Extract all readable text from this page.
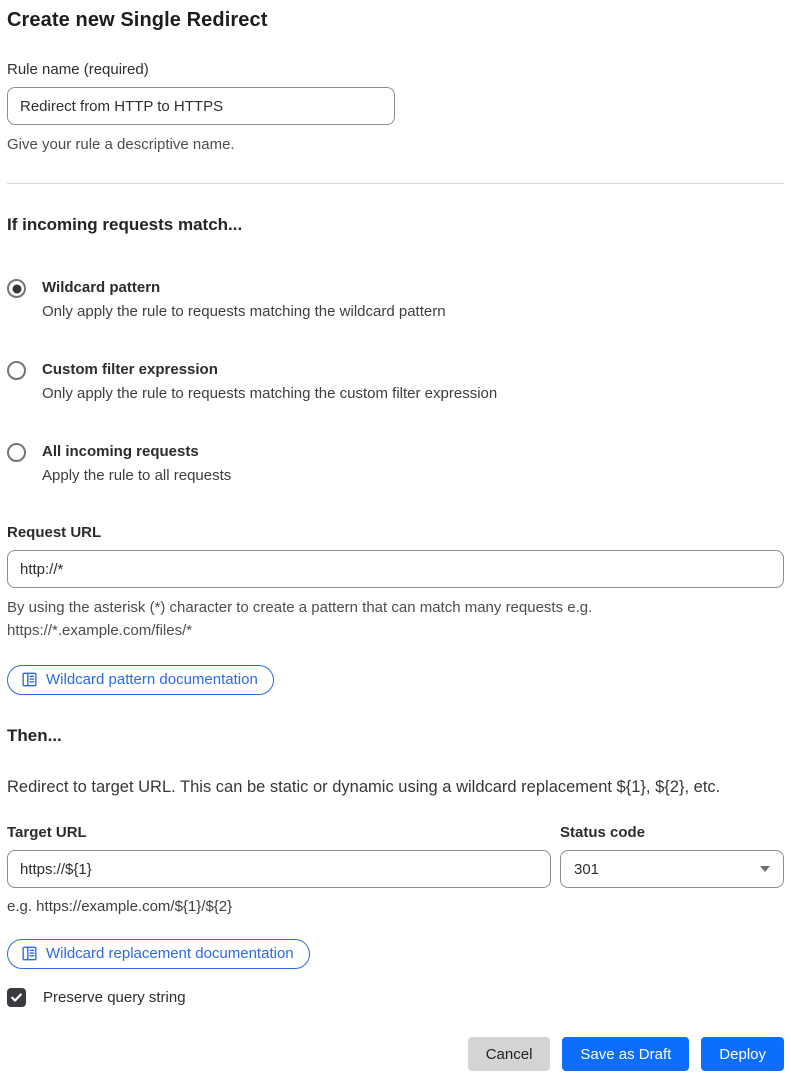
Create new Single Redirect
Rule name (required)
Redirect from HTTP to HTTPS
Give your rule a descriptive name.
If incoming requests match...
Wildcard pattern
Only apply the rule to requests matching the wildcard pattern
Custom filter expression
Only apply the rule to requests matching the custom filter expression
All incoming requests
Apply the rule to all requests
Request URL
http://*
By using the asterisk (*) character to create a pattern that can match many requests e.g.
https://*.example.com/files/*
Wildcard pattern documentation
Then...

Redirect to target URL. This can be static or dynamic using a wildcard replacement ${1}, ${2}, etc.

Target URL
https://${1}
e.g. https://example.com/${1}/${2}
Status code
301
Wildcard replacement documentation
Preserve query string
Cancel	Save as Draft	Deploy
